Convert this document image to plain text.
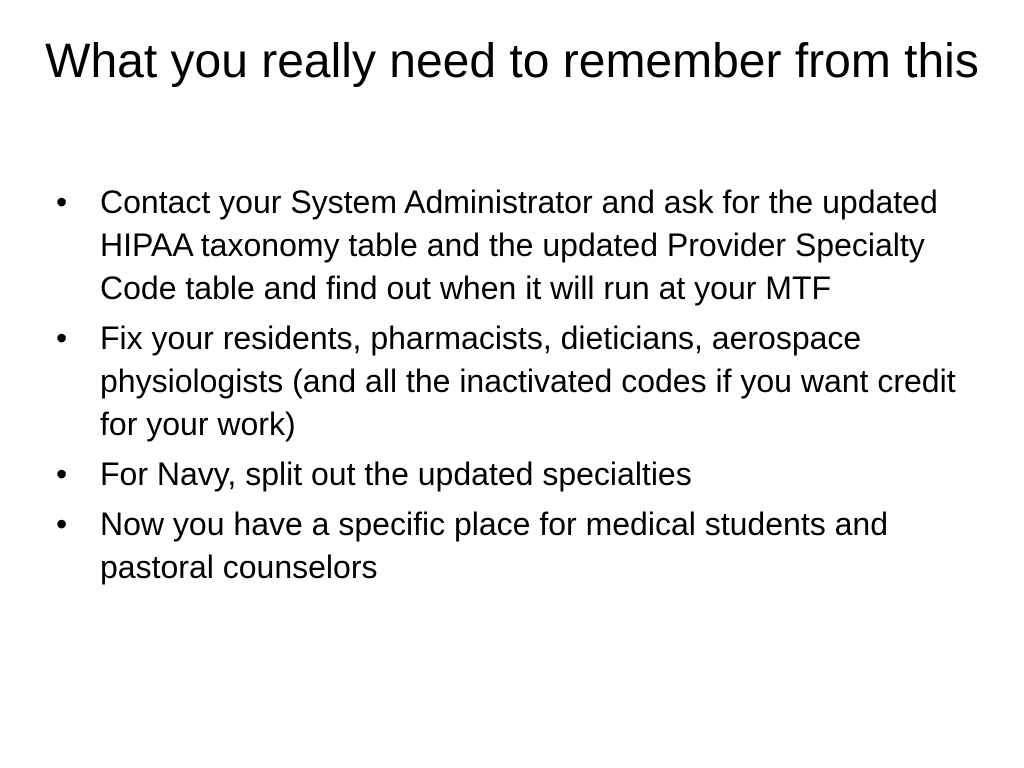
What you really need to remember from this
•	Contact your System Administrator and ask for the updated HIPAA taxonomy table and the updated Provider Specialty Code table and find out when it will run at your MTF
•	Fix your residents, pharmacists, dieticians, aerospace physiologists (and all the inactivated codes if you want credit for your work)
•	For Navy, split out the updated specialties
•	Now you have a specific place for medical students and pastoral counselors
